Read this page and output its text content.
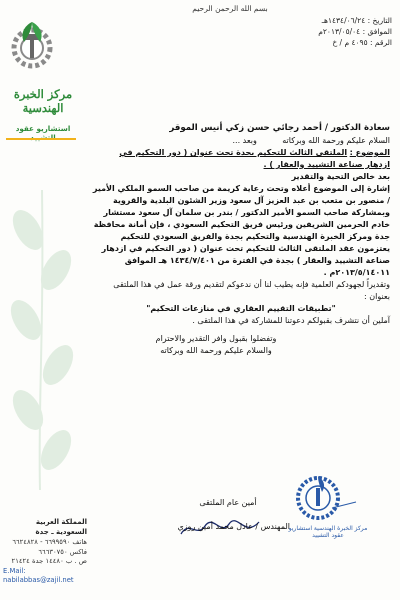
مركز الخبرة الهندسية
استشاريو عقود
المملكة العربية السعودية ـ جدة
هاتف ٦٦٩٩٥٩٠ - ٦٦٢٤٨٢٨
فاكس ٦٦٦٣٠٧٥٠
ص . ب ١٤٤٨٠ جدة ٢١٤٢٤
E.Mail: nabilabbas@zajil.net
بسم الله الرحمن الرحيم
التاريخ : ١٤٣٤/٠٦/٢٤هـ
الموافق : ٢٠١٣/٠٥/٠٤م
الرقم : ٤٠٩٥ م / خ

سعادة الدكتور / أحمد رجائي حسن زكي أنيس الموقر

السلام عليكم ورحمة الله وبركاته          وبعد ...

الموضوع : الملتقى الثالث للتحكيم بجدة تحت عنوان ( دور التحكيم في ازدهار صناعة التشييد والعقار ) .

بعد خالص التحية والتقدير

إشارة إلى الموضوع أعلاه وتحت رعاية كريمة من صاحب السمو الملكي الأمير / منصور بن متعب بن عبد العزيز آل سعود وزير الشئون البلدية والقروية وبمشاركة صاحب السمو الأمير الدكتور / بندر بن سلمان آل سعود مستشار خادم الحرمين الشريفين ورئيس فريق التحكيم السعودي ، فإن أمانة محافظة جدة ومركز الخبرة الهندسية والتحكيم بجدة والفريق السعودي للتحكيم يعتزمون عقد الملتقى الثالث للتحكيم تحت عنوان ( دور التحكيم في ازدهار صناعة التشييد والعقار ) بجدة في الفترة من ١٤٣٤/٧/٤٠١ هـ الموافق ٢٠١٣/٥/١٤٠١١م .

وتقديراً لجهودكم العلمية فإنه يطيب لنا أن ندعوكم لتقديم ورقة عمل في هذا الملتقى بعنوان :

"تطبيقات التقييم العقاري في منازعات التحكيم"

آملين أن نتشرف بقبولكم دعوتنا للمشاركة في هذا الملتقى .

وتفضلوا بقبول وافر التقدير والاحترام

والسلام عليكم ورحمة الله وبركاته

أمين عام الملتقى
المهندس / عادل محمد أمين روزي
مركز الخبرة الهندسية استشاريو عقود التشييد
